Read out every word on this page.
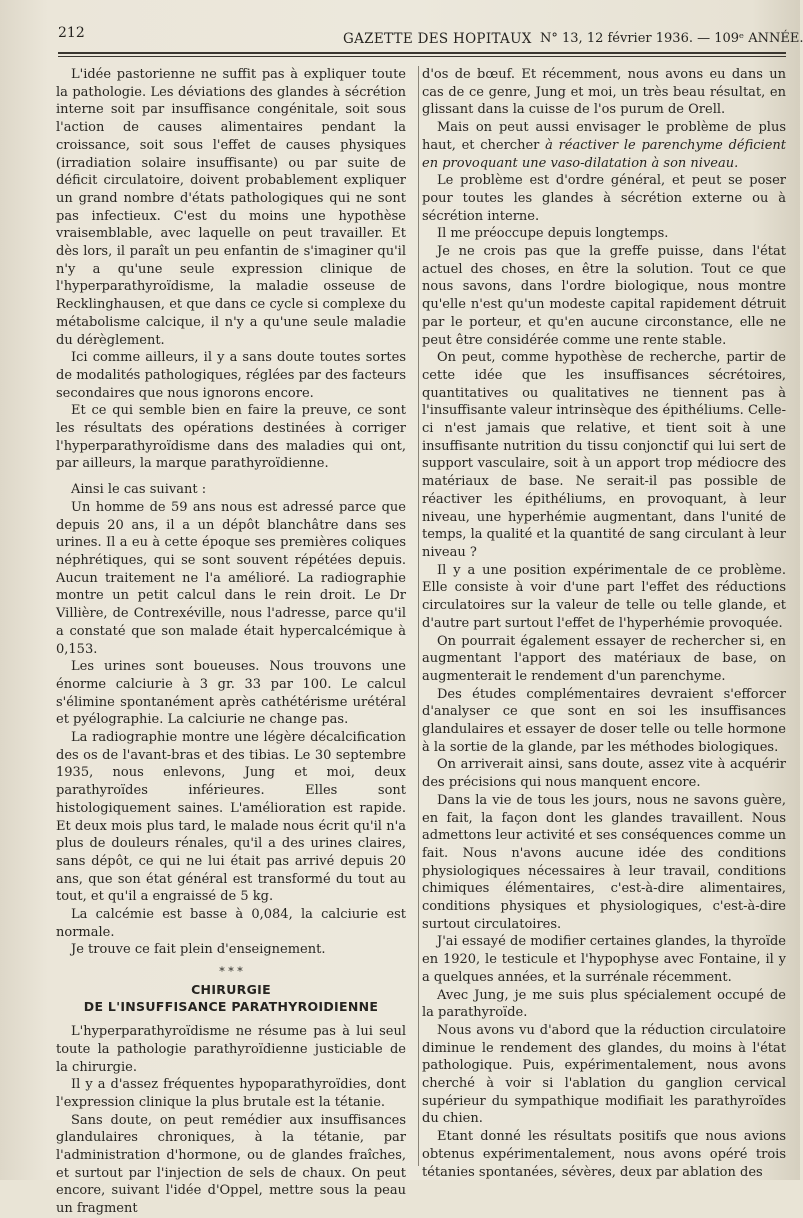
212	GAZETTE DES HOPITAUX N° 13, 12 février 1936. — 109ᵉ ANNÉE.

L'idée pastorienne ne suffit pas à expliquer toute la pathologie. Les déviations des glandes à sécrétion interne soit par insuffisance congénitale, soit sous l'action de causes alimentaires pendant la croissance, soit sous l'effet de causes physiques (irradiation solaire insuffisante) ou par suite de déficit circulatoire, doivent probablement expliquer un grand nombre d'états pathologiques qui ne sont pas infectieux. C'est du moins une hypothèse vraisemblable, avec laquelle on peut travailler. Et dès lors, il paraît un peu enfantin de s'imaginer qu'il n'y a qu'une seule expression clinique de l'hyperparathyroïdisme, la maladie osseuse de Recklinghausen, et que dans ce cycle si complexe du métabolisme calcique, il n'y a qu'une seule maladie du dérèglement.

Ici comme ailleurs, il y a sans doute toutes sortes de modalités pathologiques, réglées par des facteurs secondaires que nous ignorons encore.

Et ce qui semble bien en faire la preuve, ce sont les résultats des opérations destinées à corriger l'hyperparathyroïdisme dans des maladies qui ont, par ailleurs, la marque parathyroïdienne.

Ainsi le cas suivant :

Un homme de 59 ans nous est adressé parce que depuis 20 ans, il a un dépôt blanchâtre dans ses urines. Il a eu à cette époque ses premières coliques néphrétiques, qui se sont souvent répétées depuis. Aucun traitement ne l'a amélioré. La radiographie montre un petit calcul dans le rein droit. Le Dr Villière, de Contrexéville, nous l'adresse, parce qu'il a constaté que son malade était hypercalcémique à 0,153.

Les urines sont boueuses. Nous trouvons une énorme calciurie à 3 gr. 33 par 100. Le calcul s'élimine spontanément après cathétérisme urétéral et pyélographie. La calciurie ne change pas.

La radiographie montre une légère décalcification des os de l'avant-bras et des tibias. Le 30 septembre 1935, nous enlevons, Jung et moi, deux parathyroïdes inférieures. Elles sont histologiquement saines. L'amélioration est rapide. Et deux mois plus tard, le malade nous écrit qu'il n'a plus de douleurs rénales, qu'il a des urines claires, sans dépôt, ce qui ne lui était pas arrivé depuis 20 ans, que son état général est transformé du tout au tout, et qu'il a engraissé de 5 kg.

La calcémie est basse à 0,084, la calciurie est normale.

Je trouve ce fait plein d'enseignement.

* * *
CHIRURGIE
DE L'INSUFFISANCE PARATHYROIDIENNE

L'hyperparathyroïdisme ne résume pas à lui seul toute la pathologie parathyroïdienne justiciable de la chirurgie.

Il y a d'assez fréquentes hypoparathyroïdies, dont l'expression clinique la plus brutale est la tétanie.

Sans doute, on peut remédier aux insuffisances glandulaires chroniques, à la tétanie, par l'administration d'hormone, ou de glandes fraîches, et surtout par l'injection de sels de chaux. On peut encore, suivant l'idée d'Oppel, mettre sous la peau un fragment

d'os de bœuf. Et récemment, nous avons eu dans un cas de ce genre, Jung et moi, un très beau résultat, en glissant dans la cuisse de l'os purum de Orell.

Mais on peut aussi envisager le problème de plus haut, et chercher à réactiver le parenchyme déficient en provoquant une vaso-dilatation à son niveau.

Le problème est d'ordre général, et peut se poser pour toutes les glandes à sécrétion externe ou à sécrétion interne.

Il me préoccupe depuis longtemps.

Je ne crois pas que la greffe puisse, dans l'état actuel des choses, en être la solution. Tout ce que nous savons, dans l'ordre biologique, nous montre qu'elle n'est qu'un modeste capital rapidement détruit par le porteur, et qu'en aucune circonstance, elle ne peut être considérée comme une rente stable.

On peut, comme hypothèse de recherche, partir de cette idée que les insuffisances sécrétoires, quantitatives ou qualitatives ne tiennent pas à l'insuffisante valeur intrinsèque des épithéliums. Celle-ci n'est jamais que relative, et tient soit à une insuffisante nutrition du tissu conjonctif qui lui sert de support vasculaire, soit à un apport trop médiocre des matériaux de base. Ne serait-il pas possible de réactiver les épithéliums, en provoquant, à leur niveau, une hyperhémie augmentant, dans l'unité de temps, la qualité et la quantité de sang circulant à leur niveau ?

Il y a une position expérimentale de ce problème. Elle consiste à voir d'une part l'effet des réductions circulatoires sur la valeur de telle ou telle glande, et d'autre part surtout l'effet de l'hyperhémie provoquée.

On pourrait également essayer de rechercher si, en augmentant l'apport des matériaux de base, on augmenterait le rendement d'un parenchyme.

Des études complémentaires devraient s'efforcer d'analyser ce que sont en soi les insuffisances glandulaires et essayer de doser telle ou telle hormone à la sortie de la glande, par les méthodes biologiques.

On arriverait ainsi, sans doute, assez vite à acquérir des précisions qui nous manquent encore.

Dans la vie de tous les jours, nous ne savons guère, en fait, la façon dont les glandes travaillent. Nous admettons leur activité et ses conséquences comme un fait. Nous n'avons aucune idée des conditions physiologiques nécessaires à leur travail, conditions chimiques élémentaires, c'est-à-dire alimentaires, conditions physiques et physiologiques, c'est-à-dire surtout circulatoires.

J'ai essayé de modifier certaines glandes, la thyroïde en 1920, le testicule et l'hypophyse avec Fontaine, il y a quelques années, et la surrénale récemment.

Avec Jung, je me suis plus spécialement occupé de la parathyroïde.

Nous avons vu d'abord que la réduction circulatoire diminue le rendement des glandes, du moins à l'état pathologique. Puis, expérimentalement, nous avons cherché à voir si l'ablation du ganglion cervical supérieur du sympathique modifiait les parathyroïdes du chien.

Etant donné les résultats positifs que nous avions obtenus expérimentalement, nous avons opéré trois tétanies spontanées, sévères, deux par ablation des
